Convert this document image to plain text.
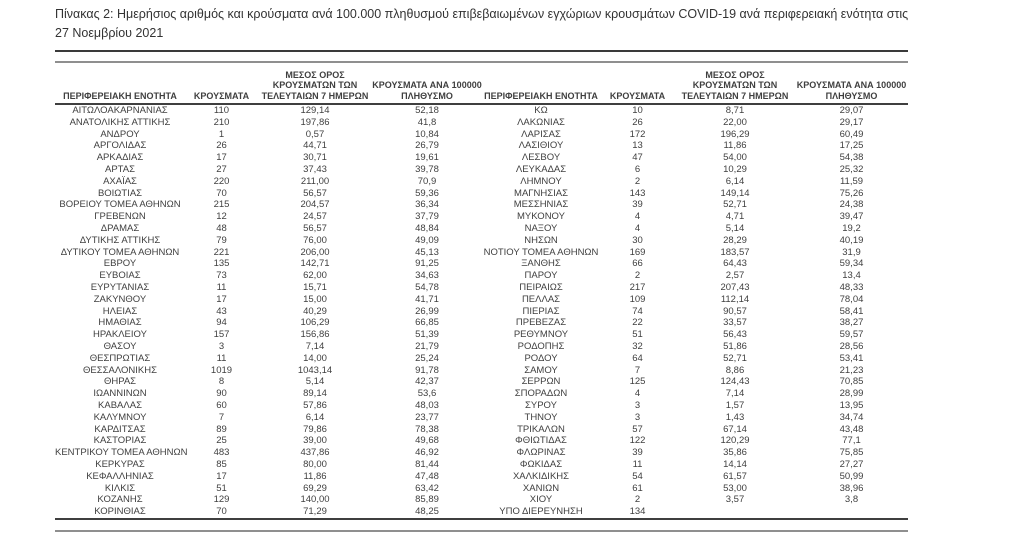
Πίνακας 2: Ημερήσιος αριθμός και κρούσματα ανά 100.000 πληθυσμού επιβεβαιωμένων εγχώριων κρουσμάτων COVID-19 ανά περιφερειακή ενότητα στις 27 Νοεμβρίου 2021
ΠΕΡΙΦΕΡΕΙΑΚΗ ΕΝΟΤΗΤΑ	ΚΡΟΥΣΜΑΤΑ	ΜΕΣΟΣ ΟΡΟΣ ΚΡΟΥΣΜΑΤΩΝ ΤΩΝ ΤΕΛΕΥΤΑΙΩΝ 7 ΗΜΕΡΩΝ	ΚΡΟΥΣΜΑΤΑ ΑΝΑ 100000 ΠΛΗΘΥΣΜΟ	ΠΕΡΙΦΕΡΕΙΑΚΗ ΕΝΟΤΗΤΑ	ΚΡΟΥΣΜΑΤΑ	ΜΕΣΟΣ ΟΡΟΣ ΚΡΟΥΣΜΑΤΩΝ ΤΩΝ ΤΕΛΕΥΤΑΙΩΝ 7 ΗΜΕΡΩΝ	ΚΡΟΥΣΜΑΤΑ ΑΝΑ 100000 ΠΛΗΘΥΣΜΟ
ΑΙΤΩΛΟΑΚΑΡΝΑΝΙΑΣ	110	129,14	52,18	ΚΩ	10	8,71	29,07
ΑΝΑΤΟΛΙΚΗΣ ΑΤΤΙΚΗΣ	210	197,86	41,8	ΛΑΚΩΝΙΑΣ	26	22,00	29,17
ΑΝΔΡΟΥ	1	0,57	10,84	ΛΑΡΙΣΑΣ	172	196,29	60,49
ΑΡΓΟΛΙΔΑΣ	26	44,71	26,79	ΛΑΣΙΘΙΟΥ	13	11,86	17,25
ΑΡΚΑΔΙΑΣ	17	30,71	19,61	ΛΕΣΒΟΥ	47	54,00	54,38
ΑΡΤΑΣ	27	37,43	39,78	ΛΕΥΚΑΔΑΣ	6	10,29	25,32
ΑΧΑΪΑΣ	220	211,00	70,9	ΛΗΜΝΟΥ	2	6,14	11,59
ΒΟΙΩΤΙΑΣ	70	56,57	59,36	ΜΑΓΝΗΣΙΑΣ	143	149,14	75,26
ΒΟΡΕΙΟΥ ΤΟΜΕΑ ΑΘΗΝΩΝ	215	204,57	36,34	ΜΕΣΣΗΝΙΑΣ	39	52,71	24,38
ΓΡΕΒΕΝΩΝ	12	24,57	37,79	ΜΥΚΟΝΟΥ	4	4,71	39,47
ΔΡΑΜΑΣ	48	56,57	48,84	ΝΑΞΟΥ	4	5,14	19,2
ΔΥΤΙΚΗΣ ΑΤΤΙΚΗΣ	79	76,00	49,09	ΝΗΣΩΝ	30	28,29	40,19
ΔΥΤΙΚΟΥ ΤΟΜΕΑ ΑΘΗΝΩΝ	221	206,00	45,13	ΝΟΤΙΟΥ ΤΟΜΕΑ ΑΘΗΝΩΝ	169	183,57	31,9
ΕΒΡΟΥ	135	142,71	91,25	ΞΑΝΘΗΣ	66	64,43	59,34
ΕΥΒΟΙΑΣ	73	62,00	34,63	ΠΑΡΟΥ	2	2,57	13,4
ΕΥΡΥΤΑΝΙΑΣ	11	15,71	54,78	ΠΕΙΡΑΙΩΣ	217	207,43	48,33
ΖΑΚΥΝΘΟΥ	17	15,00	41,71	ΠΕΛΛΑΣ	109	112,14	78,04
ΗΛΕΙΑΣ	43	40,29	26,99	ΠΙΕΡΙΑΣ	74	90,57	58,41
ΗΜΑΘΙΑΣ	94	106,29	66,85	ΠΡΕΒΕΖΑΣ	22	33,57	38,27
ΗΡΑΚΛΕΙΟΥ	157	156,86	51,39	ΡΕΘΥΜΝΟΥ	51	56,43	59,57
ΘΑΣΟΥ	3	7,14	21,79	ΡΟΔΟΠΗΣ	32	51,86	28,56
ΘΕΣΠΡΩΤΙΑΣ	11	14,00	25,24	ΡΟΔΟΥ	64	52,71	53,41
ΘΕΣΣΑΛΟΝΙΚΗΣ	1019	1043,14	91,78	ΣΑΜΟΥ	7	8,86	21,23
ΘΗΡΑΣ	8	5,14	42,37	ΣΕΡΡΩΝ	125	124,43	70,85
ΙΩΑΝΝΙΝΩΝ	90	89,14	53,6	ΣΠΟΡΑΔΩΝ	4	7,14	28,99
ΚΑΒΑΛΑΣ	60	57,86	48,03	ΣΥΡΟΥ	3	1,57	13,95
ΚΑΛΥΜΝΟΥ	7	6,14	23,77	ΤΗΝΟΥ	3	1,43	34,74
ΚΑΡΔΙΤΣΑΣ	89	79,86	78,38	ΤΡΙΚΑΛΩΝ	57	67,14	43,48
ΚΑΣΤΟΡΙΑΣ	25	39,00	49,68	ΦΘΙΩΤΙΔΑΣ	122	120,29	77,1
ΚΕΝΤΡΙΚΟΥ ΤΟΜΕΑ ΑΘΗΝΩΝ	483	437,86	46,92	ΦΛΩΡΙΝΑΣ	39	35,86	75,85
ΚΕΡΚΥΡΑΣ	85	80,00	81,44	ΦΩΚΙΔΑΣ	11	14,14	27,27
ΚΕΦΑΛΛΗΝΙΑΣ	17	11,86	47,48	ΧΑΛΚΙΔΙΚΗΣ	54	61,57	50,99
ΚΙΛΚΙΣ	51	69,29	63,42	ΧΑΝΙΩΝ	61	53,00	38,96
ΚΟΖΑΝΗΣ	129	140,00	85,89	ΧΙΟΥ	2	3,57	3,8
ΚΟΡΙΝΘΙΑΣ	70	71,29	48,25	ΥΠΟ ΔΙΕΡΕΥΝΗΣΗ	134		
